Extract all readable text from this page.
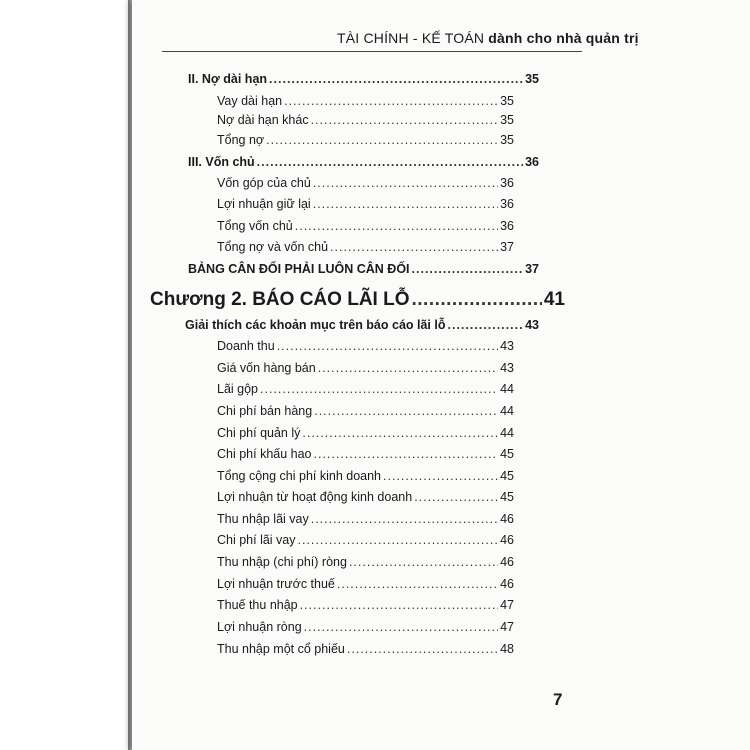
TÀI CHÍNH - KẾ TOÁN dành cho nhà quản trị
II. Nợ dài hạn .....	35
Vay dài hạn .....	35
Nợ dài hạn khác .....	35
Tổng nợ .....	35
III. Vốn chủ .....	36
Vốn góp của chủ .....	36
Lợi nhuận giữ lại .....	36
Tổng vốn chủ .....	36
Tổng nợ và vốn chủ .....	37
BẢNG CÂN ĐỐI PHẢI LUÔN CÂN ĐỐI .....	37
Chương 2. BÁO CÁO LÃI LỖ .....	41
Giải thích các khoản mục trên báo cáo lãi lỗ .....	43
Doanh thu .....	43
Giá vốn hàng bán .....	43
Lãi gộp .....	44
Chi phí bán hàng .....	44
Chi phí quản lý .....	44
Chi phí khấu hao .....	45
Tổng cộng chi phí kinh doanh .....	45
Lợi nhuận từ hoạt động kinh doanh .....	45
Thu nhập lãi vay .....	46
Chi phí lãi vay .....	46
Thu nhập (chi phí) ròng .....	46
Lợi nhuận trước thuế .....	46
Thuế thu nhập .....	47
Lợi nhuận ròng .....	47
Thu nhập một cổ phiếu .....	48
7
